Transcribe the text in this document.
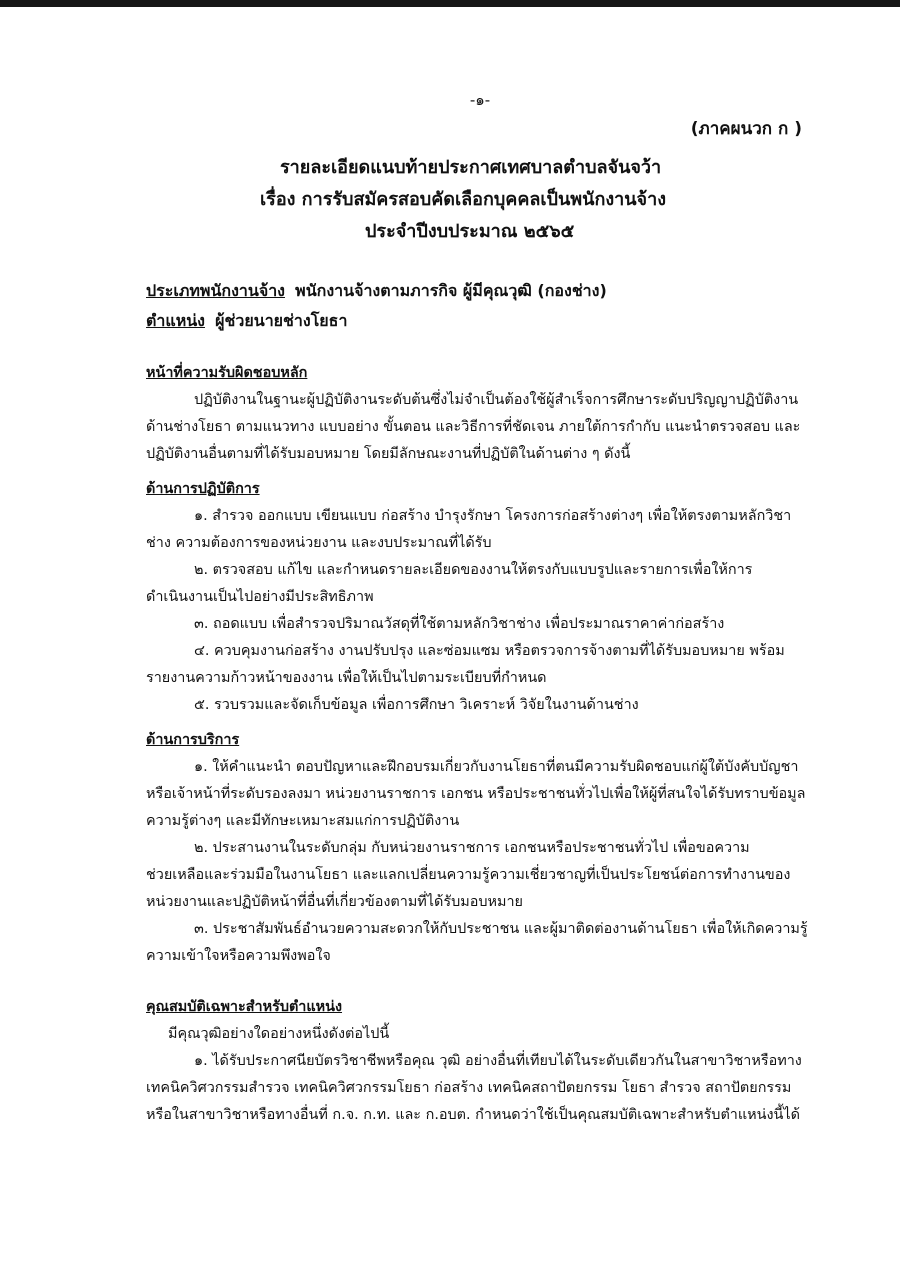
-๑-
(ภาคผนวก ก )
รายละเอียดแนบท้ายประกาศเทศบาลตำบลจันจว้า
เรื่อง การรับสมัครสอบคัดเลือกบุคคลเป็นพนักงานจ้าง
ประจำปีงบประมาณ ๒๕๖๕
ประเภทพนักงานจ้าง พนักงานจ้างตามภารกิจ ผู้มีคุณวุฒิ (กองช่าง)
ตำแหน่ง ผู้ช่วยนายช่างโยธา
หน้าที่ความรับผิดชอบหลัก
ปฏิบัติงานในฐานะผู้ปฏิบัติงานระดับต้นซึ่งไม่จำเป็นต้องใช้ผู้สำเร็จการศึกษาระดับปริญญาปฏิบัติงาน
ด้านช่างโยธา ตามแนวทาง แบบอย่าง ขั้นตอน และวิธีการที่ชัดเจน ภายใต้การกำกับ แนะนำตรวจสอบ และ
ปฏิบัติงานอื่นตามที่ได้รับมอบหมาย โดยมีลักษณะงานที่ปฏิบัติในด้านต่าง ๆ ดังนี้
ด้านการปฏิบัติการ
๑. สำรวจ ออกแบบ เขียนแบบ ก่อสร้าง บำรุงรักษา โครงการก่อสร้างต่างๆ เพื่อให้ตรงตามหลักวิชา
ช่าง ความต้องการของหน่วยงาน และงบประมาณที่ได้รับ
๒. ตรวจสอบ แก้ไข และกำหนดรายละเอียดของงานให้ตรงกับแบบรูปและรายการเพื่อให้การ
ดำเนินงานเป็นไปอย่างมีประสิทธิภาพ
๓. ถอดแบบ เพื่อสำรวจปริมาณวัสดุที่ใช้ตามหลักวิชาช่าง เพื่อประมาณราคาค่าก่อสร้าง
๔. ควบคุมงานก่อสร้าง งานปรับปรุง และซ่อมแซม หรือตรวจการจ้างตามที่ได้รับมอบหมาย พร้อม
รายงานความก้าวหน้าของงาน เพื่อให้เป็นไปตามระเบียบที่กำหนด
๕. รวบรวมและจัดเก็บข้อมูล เพื่อการศึกษา วิเคราะห์ วิจัยในงานด้านช่าง
ด้านการบริการ
๑. ให้คำแนะนำ ตอบปัญหาและฝึกอบรมเกี่ยวกับงานโยธาที่ตนมีความรับผิดชอบแก่ผู้ใต้บังคับบัญชา
หรือเจ้าหน้าที่ระดับรองลงมา หน่วยงานราชการ เอกชน หรือประชาชนทั่วไปเพื่อให้ผู้ที่สนใจได้รับทราบข้อมูล
ความรู้ต่างๆ และมีทักษะเหมาะสมแก่การปฏิบัติงาน
๒. ประสานงานในระดับกลุ่ม กับหน่วยงานราชการ เอกชนหรือประชาชนทั่วไป เพื่อขอความ
ช่วยเหลือและร่วมมือในงานโยธา และแลกเปลี่ยนความรู้ความเชี่ยวชาญที่เป็นประโยชน์ต่อการทำงานของ
หน่วยงานและปฏิบัติหน้าที่อื่นที่เกี่ยวข้องตามที่ได้รับมอบหมาย
๓. ประชาสัมพันธ์อำนวยความสะดวกให้กับประชาชน และผู้มาติดต่องานด้านโยธา เพื่อให้เกิดความรู้
ความเข้าใจหรือความพึงพอใจ
คุณสมบัติเฉพาะสำหรับตำแหน่ง
มีคุณวุฒิอย่างใดอย่างหนึ่งดังต่อไปนี้
๑. ได้รับประกาศนียบัตรวิชาชีพหรือคุณ วุฒิ อย่างอื่นที่เทียบได้ในระดับเดียวกันในสาขาวิชาหรือทาง
เทคนิควิศวกรรมสำรวจ เทคนิควิศวกรรมโยธา ก่อสร้าง เทคนิคสถาปัตยกรรม โยธา สำรวจ สถาปัตยกรรม
หรือในสาขาวิชาหรือทางอื่นที่ ก.จ. ก.ท. และ ก.อบต. กำหนดว่าใช้เป็นคุณสมบัติเฉพาะสำหรับตำแหน่งนี้ได้
